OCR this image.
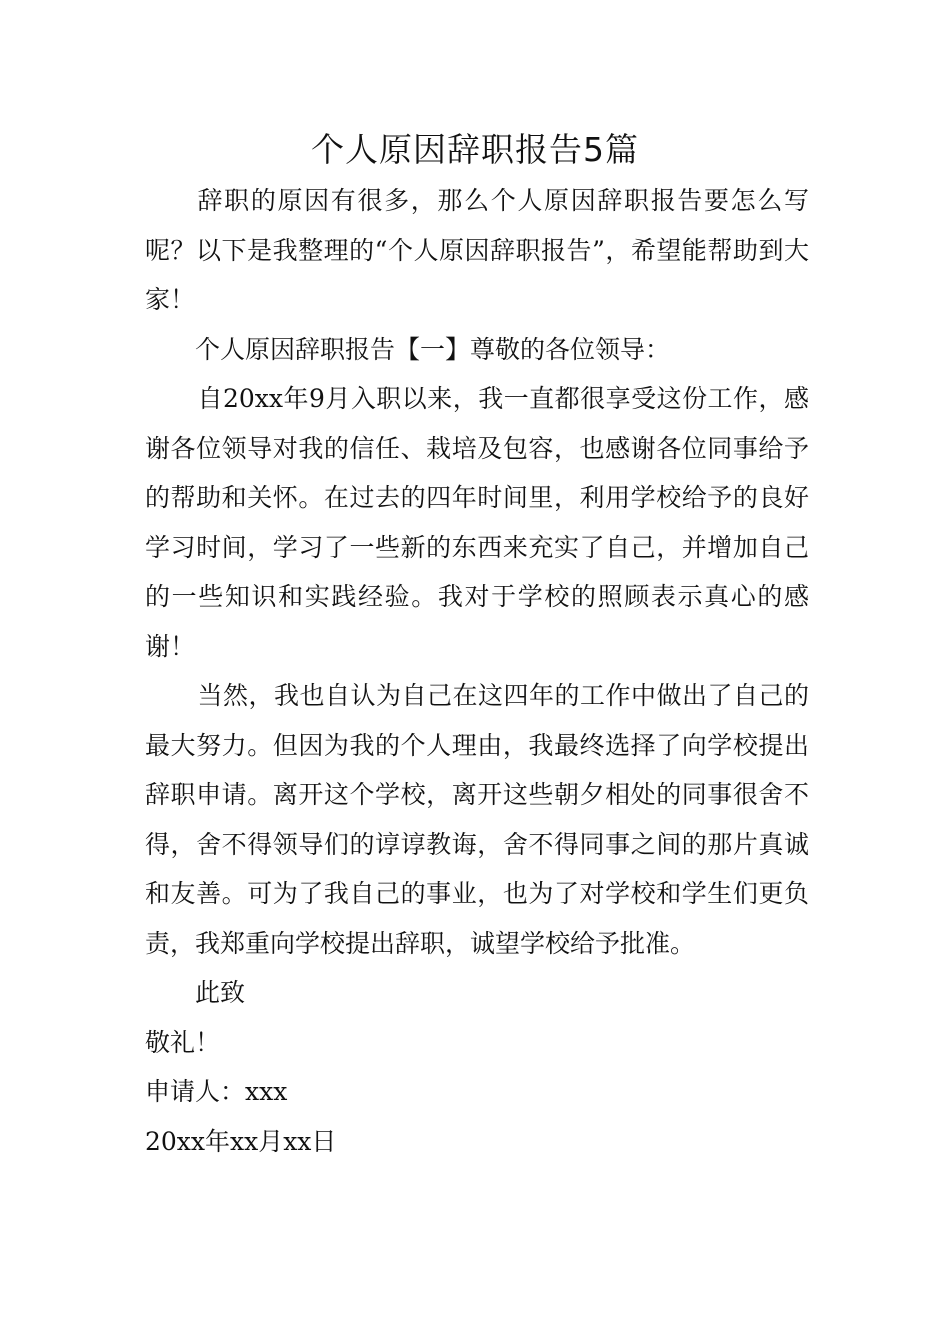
个人原因辞职报告5篇

辞职的原因有很多，那么个人原因辞职报告要怎么写呢？以下是我整理的“个人原因辞职报告”，希望能帮助到大家！

个人原因辞职报告【一】尊敬的各位领导：

自20xx年9月入职以来，我一直都很享受这份工作，感谢各位领导对我的信任、栽培及包容，也感谢各位同事给予的帮助和关怀。在过去的四年时间里，利用学校给予的良好学习时间，学习了一些新的东西来充实了自己，并增加自己的一些知识和实践经验。我对于学校的照顾表示真心的感谢！

当然，我也自认为自己在这四年的工作中做出了自己的最大努力。但因为我的个人理由，我最终选择了向学校提出辞职申请。离开这个学校，离开这些朝夕相处的同事很舍不得，舍不得领导们的谆谆教诲，舍不得同事之间的那片真诚和友善。可为了我自己的事业，也为了对学校和学生们更负责，我郑重向学校提出辞职，诚望学校给予批准。

此致

敬礼！

申请人：xxx

20xx年xx月xx日
